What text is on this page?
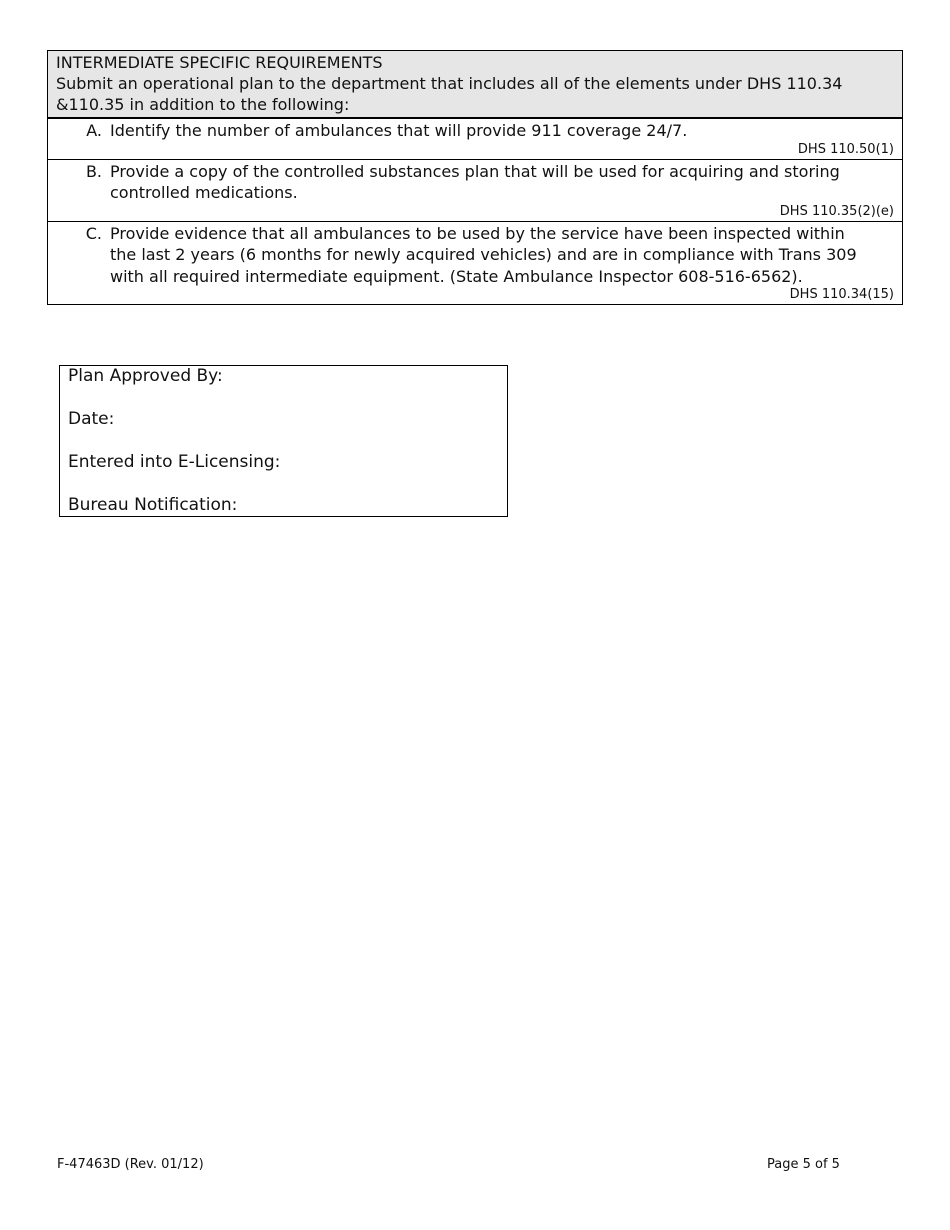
INTERMEDIATE SPECIFIC REQUIREMENTS
Submit an operational plan to the department that includes all of the elements under DHS 110.34
&110.35 in addition to the following:
A. Identify the number of ambulances that will provide 911 coverage 24/7.
DHS 110.50(1)
B. Provide a copy of the controlled substances plan that will be used for acquiring and storing
controlled medications.
DHS 110.35(2)(e)
C. Provide evidence that all ambulances to be used by the service have been inspected within
the last 2 years (6 months for newly acquired vehicles) and are in compliance with Trans 309
with all required intermediate equipment. (State Ambulance Inspector 608-516-6562).
DHS 110.34(15)
Plan Approved By:
Date:
Entered into E-Licensing:
Bureau Notification:
F-47463D (Rev. 01/12)	Page 5 of 5
